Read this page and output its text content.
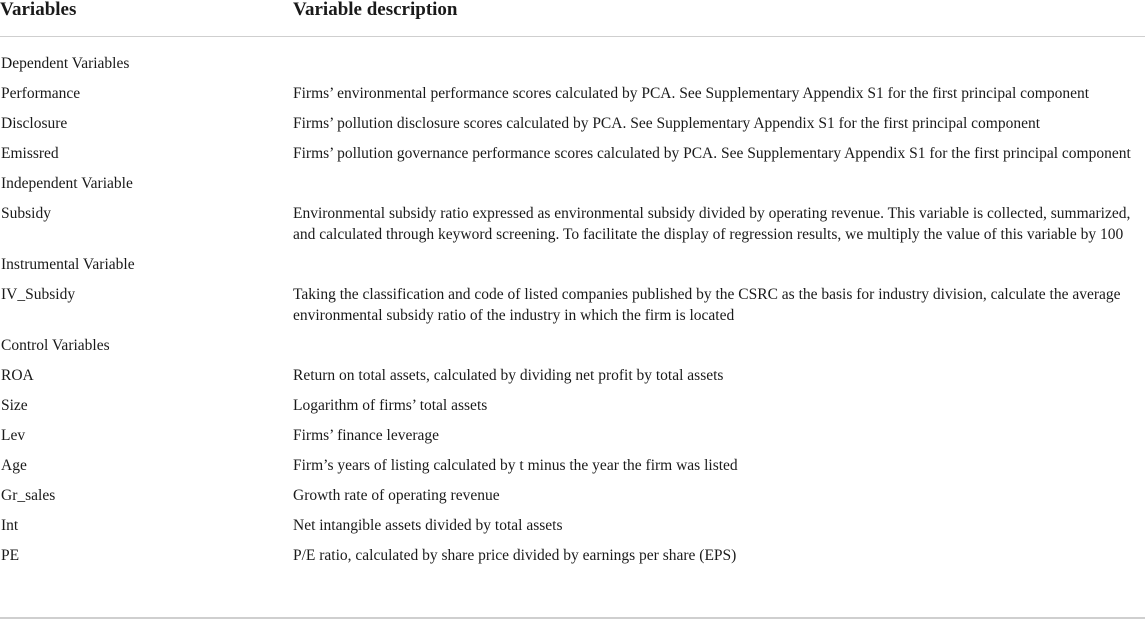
Variables	Variable description
Dependent Variables
Performance	Firms’ environmental performance scores calculated by PCA. See Supplementary Appendix S1 for the first principal component
Disclosure	Firms’ pollution disclosure scores calculated by PCA. See Supplementary Appendix S1 for the first principal component
Emissred	Firms’ pollution governance performance scores calculated by PCA. See Supplementary Appendix S1 for the first principal component
Independent Variable
Subsidy	Environmental subsidy ratio expressed as environmental subsidy divided by operating revenue. This variable is collected, summarized, and calculated through keyword screening. To facilitate the display of regression results, we multiply the value of this variable by 100
Instrumental Variable
IV_Subsidy	Taking the classification and code of listed companies published by the CSRC as the basis for industry division, calculate the average environmental subsidy ratio of the industry in which the firm is located
Control Variables
ROA	Return on total assets, calculated by dividing net profit by total assets
Size	Logarithm of firms’ total assets
Lev	Firms’ finance leverage
Age	Firm’s years of listing calculated by t minus the year the firm was listed
Gr_sales	Growth rate of operating revenue
Int	Net intangible assets divided by total assets
PE	P/E ratio, calculated by share price divided by earnings per share (EPS)
